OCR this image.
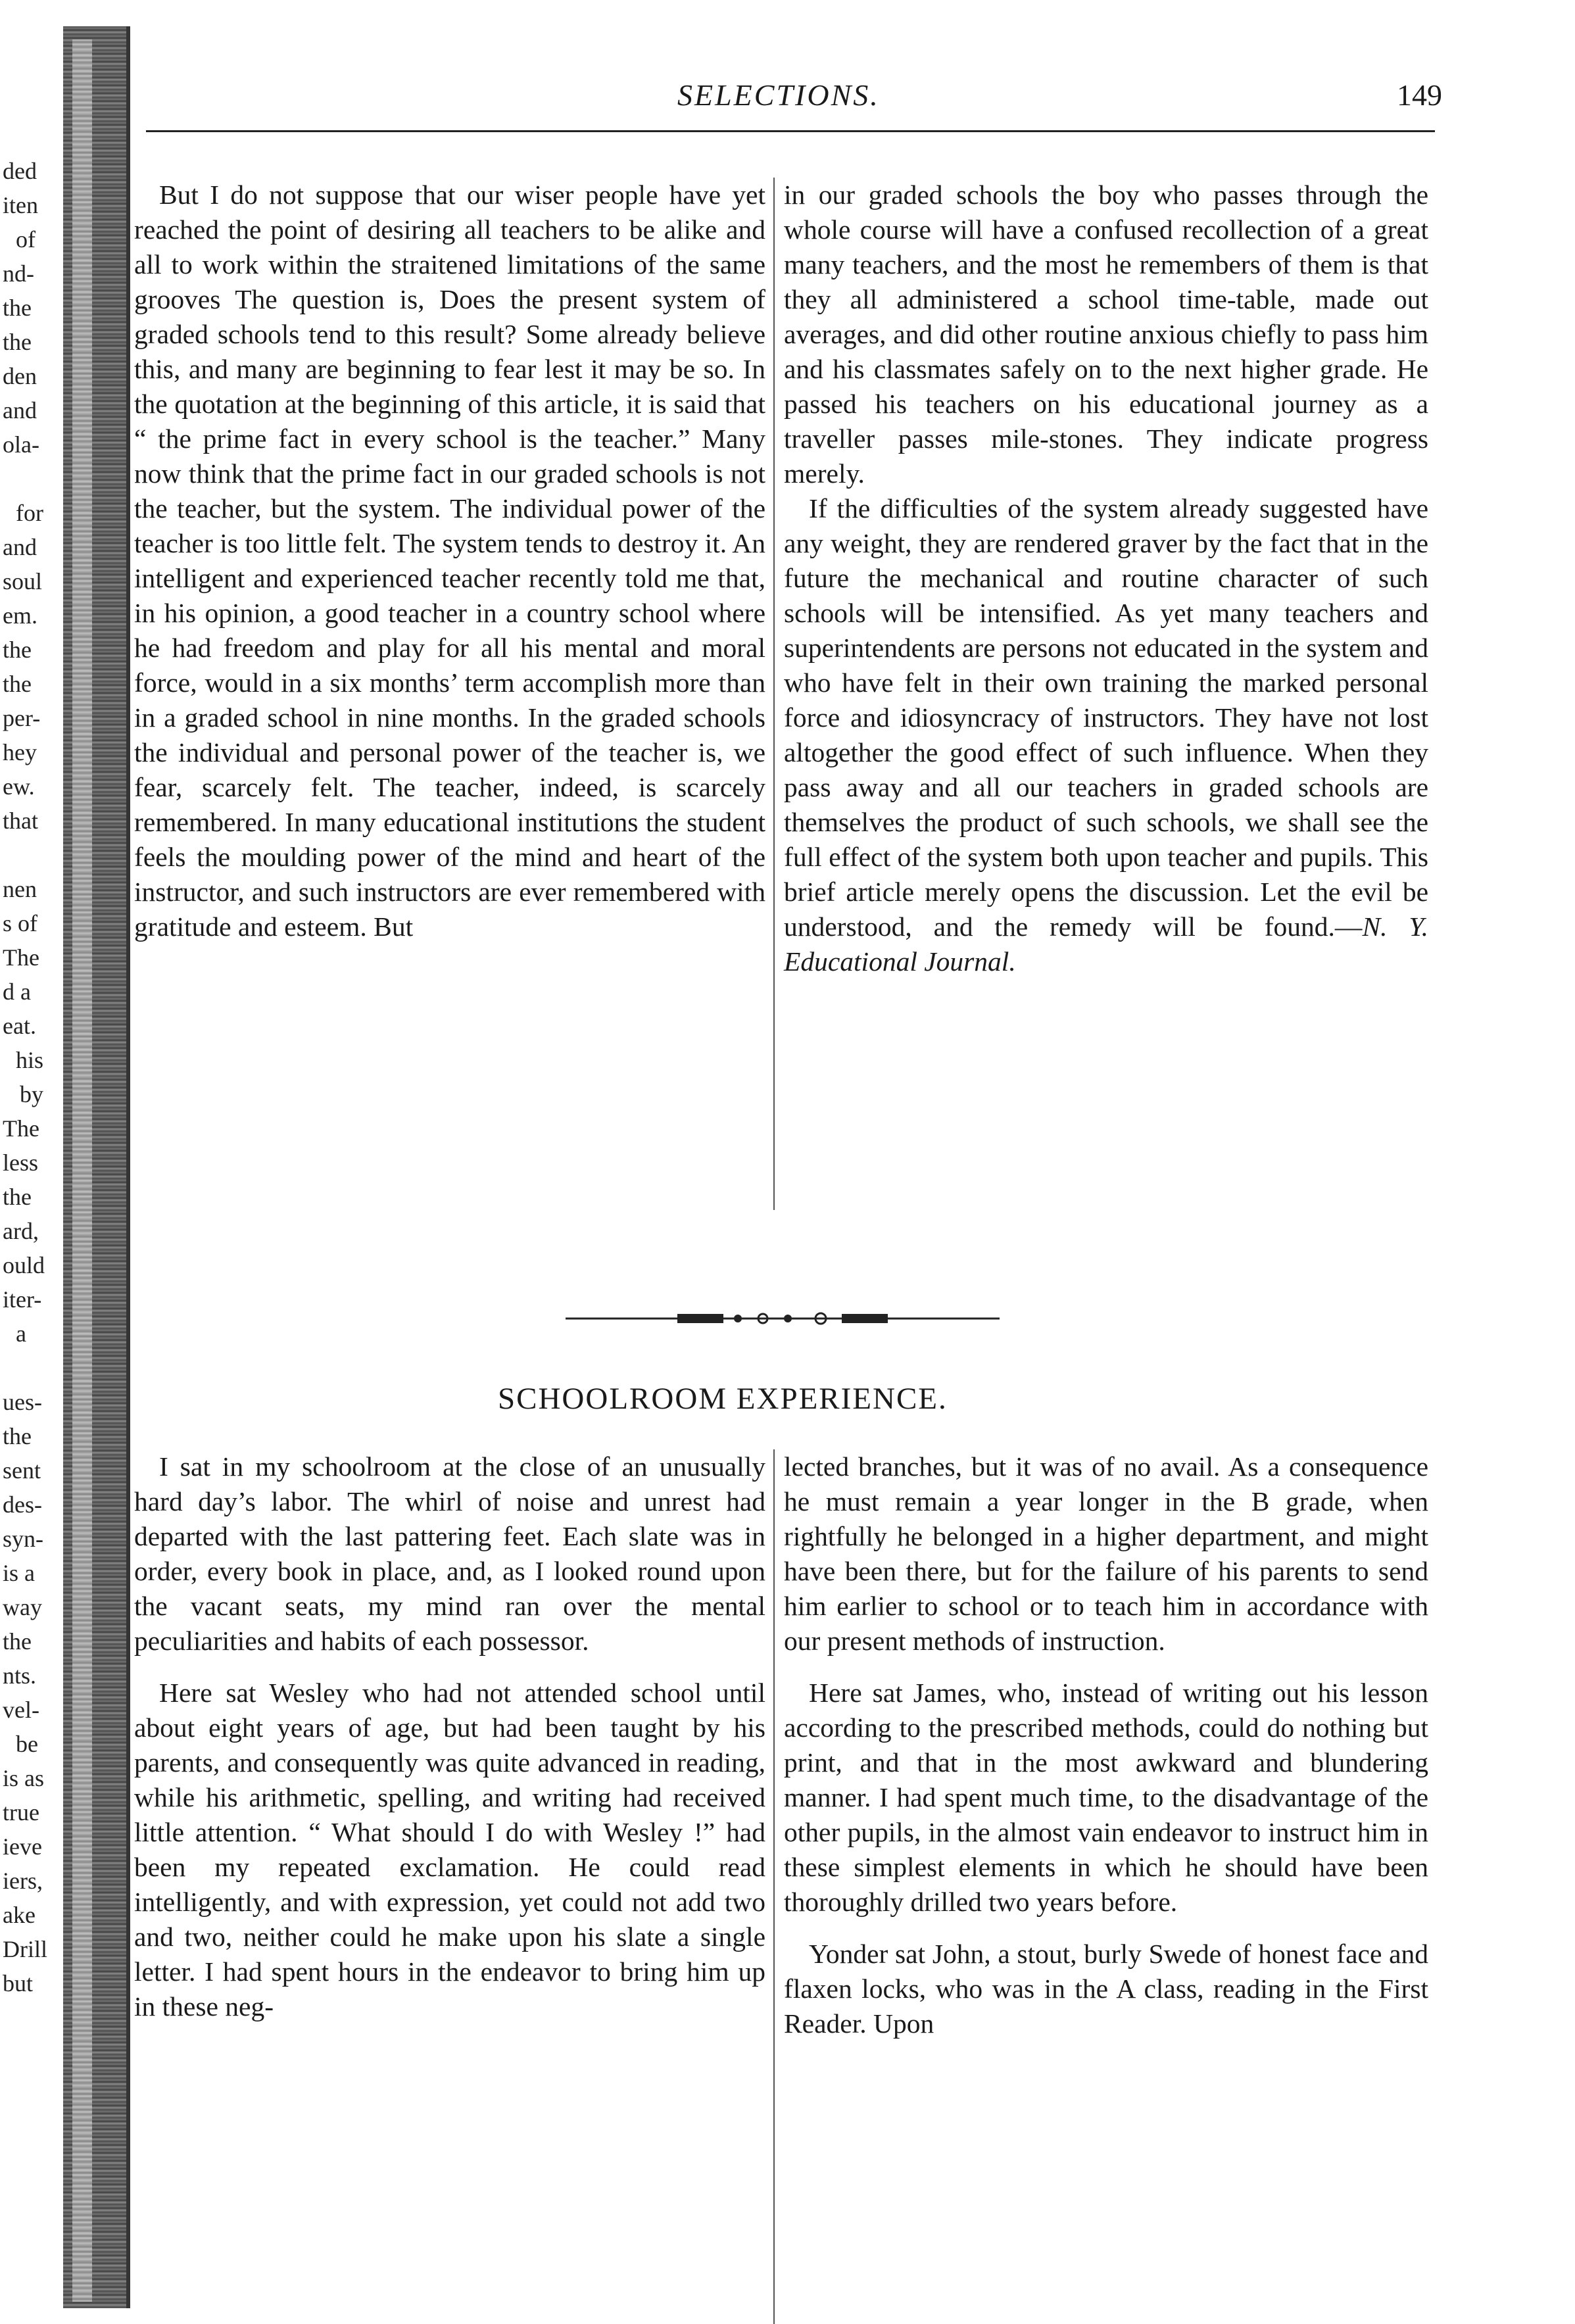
ded
iten
of
nd-
the
the
den
and
ola-
for
and
soul
em.
the
the
per-
hey
ew.
that
nen
s of
The
d a
eat.
his
by
The
less
the
ard,
ould
iter-
a
ues-
the
sent
des-
syn-
is a
way
the
nts.
vel-
be
is as
true
ieve
iers,
ake
Drill
but
SELECTIONS.	149

But I do not suppose that our wiser people have yet reached the point of desiring all teachers to be alike and all to work within the straitened limitations of the same grooves The question is, Does the present system of graded schools tend to this result? Some already believe this, and many are beginning to fear lest it may be so. In the quotation at the beginning of this article, it is said that “ the prime fact in every school is the teacher.” Many now think that the prime fact in our graded schools is not the teacher, but the system. The individual power of the teacher is too little felt. The system tends to destroy it. An intelligent and experienced teacher recently told me that, in his opinion, a good teacher in a country school where he had freedom and play for all his mental and moral force, would in a six months’ term accomplish more than in a graded school in nine months. In the graded schools the individual and personal power of the teacher is, we fear, scarcely felt. The teacher, indeed, is scarcely remembered. In many educational institutions the student feels the moulding power of the mind and heart of the instructor, and such instructors are ever remembered with gratitude and esteem. But

in our graded schools the boy who passes through the whole course will have a confused recollection of a great many teachers, and the most he remembers of them is that they all administered a school time-table, made out averages, and did other routine anxious chiefly to pass him and his classmates safely on to the next higher grade. He passed his teachers on his educational journey as a traveller passes mile-stones. They indicate progress merely.

If the difficulties of the system already suggested have any weight, they are rendered graver by the fact that in the future the mechanical and routine character of such schools will be intensified. As yet many teachers and superintendents are persons not educated in the system and who have felt in their own training the marked personal force and idiosyncracy of instructors. They have not lost altogether the good effect of such influence. When they pass away and all our teachers in graded schools are themselves the product of such schools, we shall see the full effect of the system both upon teacher and pupils. This brief article merely opens the discussion. Let the evil be understood, and the remedy will be found.—N. Y. Educational Journal.

SCHOOLROOM EXPERIENCE.

I sat in my schoolroom at the close of an unusually hard day’s labor. The whirl of noise and unrest had departed with the last pattering feet. Each slate was in order, every book in place, and, as I looked round upon the vacant seats, my mind ran over the mental peculiarities and habits of each possessor.

Here sat Wesley who had not attended school until about eight years of age, but had been taught by his parents, and consequently was quite advanced in reading, while his arithmetic, spelling, and writing had received little attention. “ What should I do with Wesley !” had been my repeated exclamation. He could read intelligently, and with expression, yet could not add two and two, neither could he make upon his slate a single letter. I had spent hours in the endeavor to bring him up in these neg-

lected branches, but it was of no avail. As a consequence he must remain a year longer in the B grade, when rightfully he belonged in a higher department, and might have been there, but for the failure of his parents to send him earlier to school or to teach him in accordance with our present methods of instruction.

Here sat James, who, instead of writing out his lesson according to the prescribed methods, could do nothing but print, and that in the most awkward and blundering manner. I had spent much time, to the disadvantage of the other pupils, in the almost vain endeavor to instruct him in these simplest elements in which he should have been thoroughly drilled two years before.

Yonder sat John, a stout, burly Swede of honest face and flaxen locks, who was in the A class, reading in the First Reader. Upon
